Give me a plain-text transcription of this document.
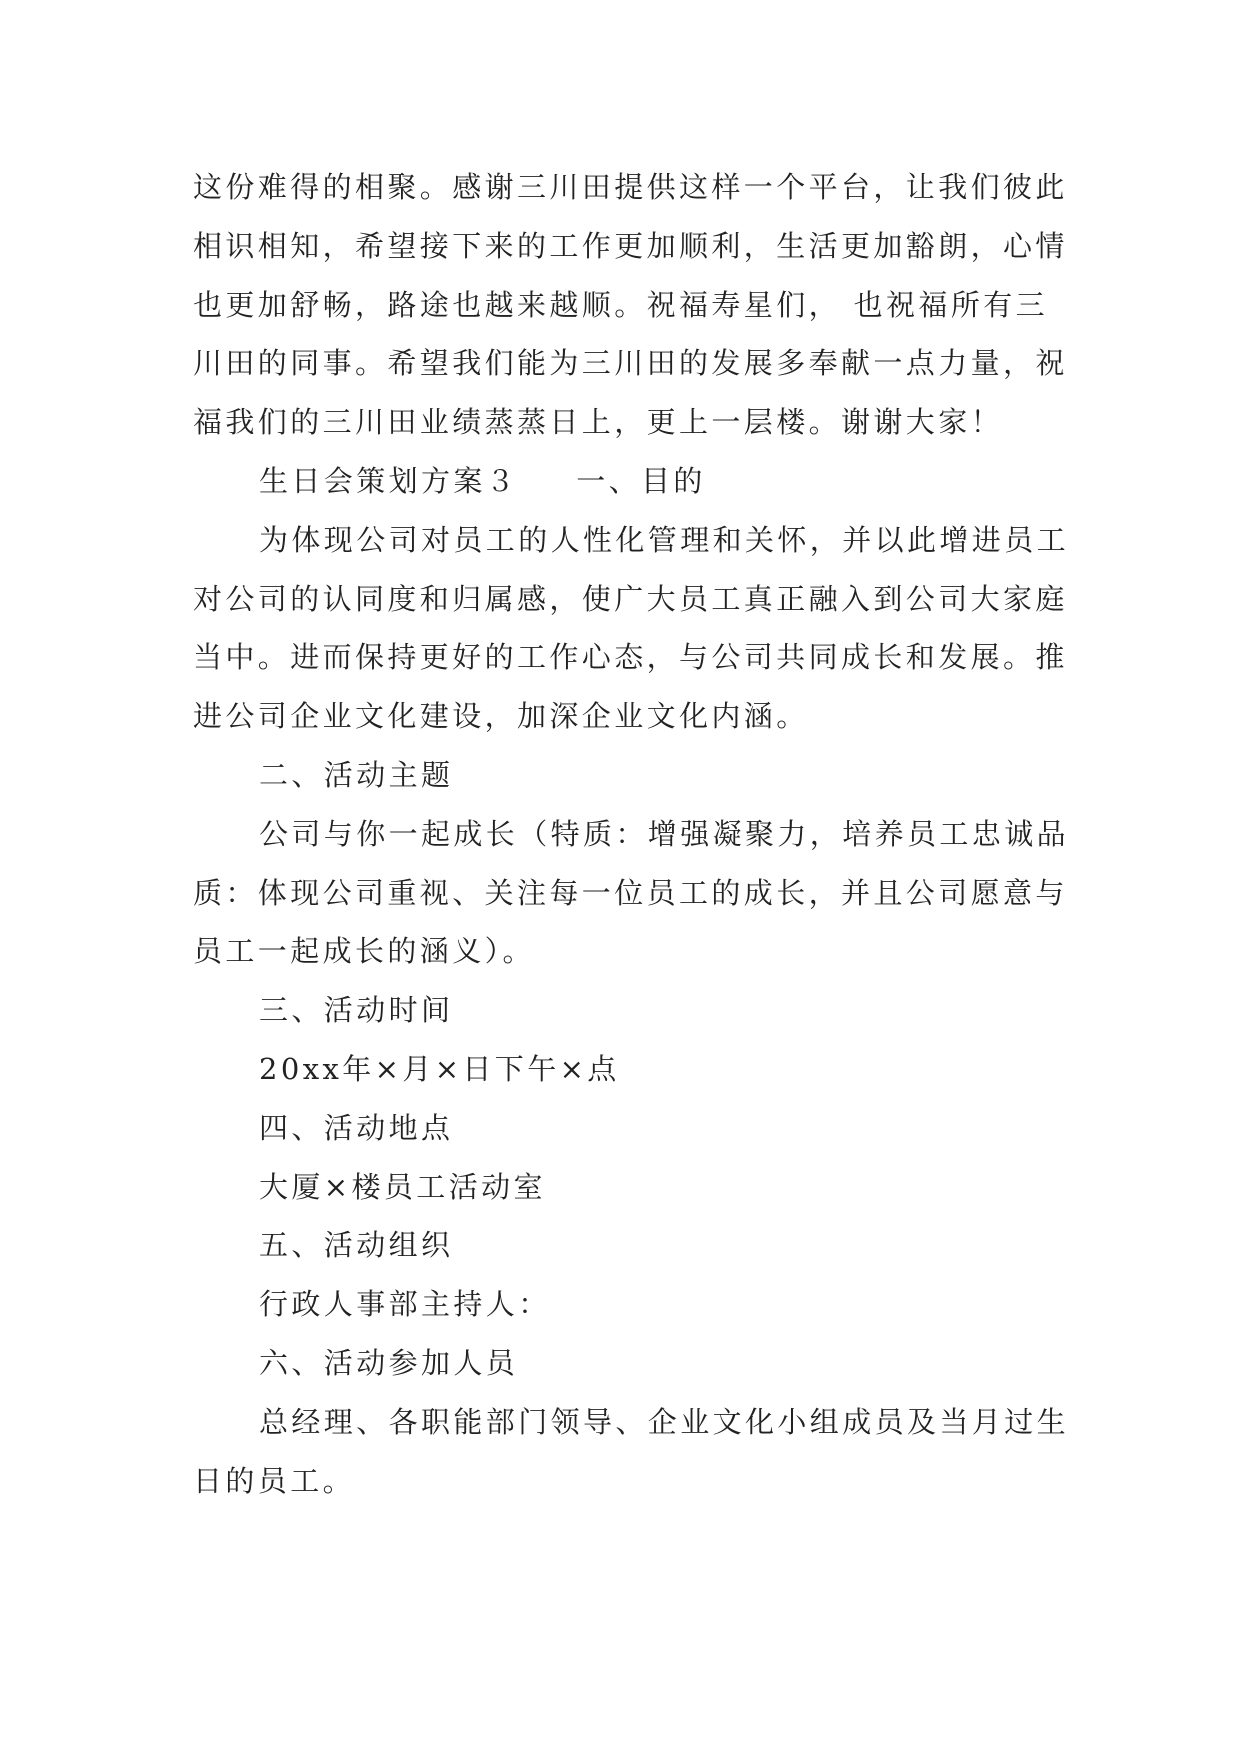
这份难得的相聚。感谢三川田提供这样一个平台，让我们彼此相识相知，希望接下来的工作更加顺利，生活更加豁朗，心情也更加舒畅，路途也越来越顺。祝福寿星们， 也祝福所有三川田的同事。希望我们能为三川田的发展多奉献一点力量，祝福我们的三川田业绩蒸蒸日上，更上一层楼。谢谢大家！

生日会策划方案３ 一、目的

为体现公司对员工的人性化管理和关怀，并以此增进员工对公司的认同度和归属感，使广大员工真正融入到公司大家庭当中。进而保持更好的工作心态，与公司共同成长和发展。推进公司企业文化建设，加深企业文化内涵。

二、活动主题

公司与你一起成长（特质：增强凝聚力，培养员工忠诚品质：体现公司重视、关注每一位员工的成长，并且公司愿意与员工一起成长的涵义）。

三、活动时间

20xx年×月×日下午×点

四、活动地点

大厦×楼员工活动室

五、活动组织

行政人事部主持人：

六、活动参加人员

总经理、各职能部门领导、企业文化小组成员及当月过生日的员工。
